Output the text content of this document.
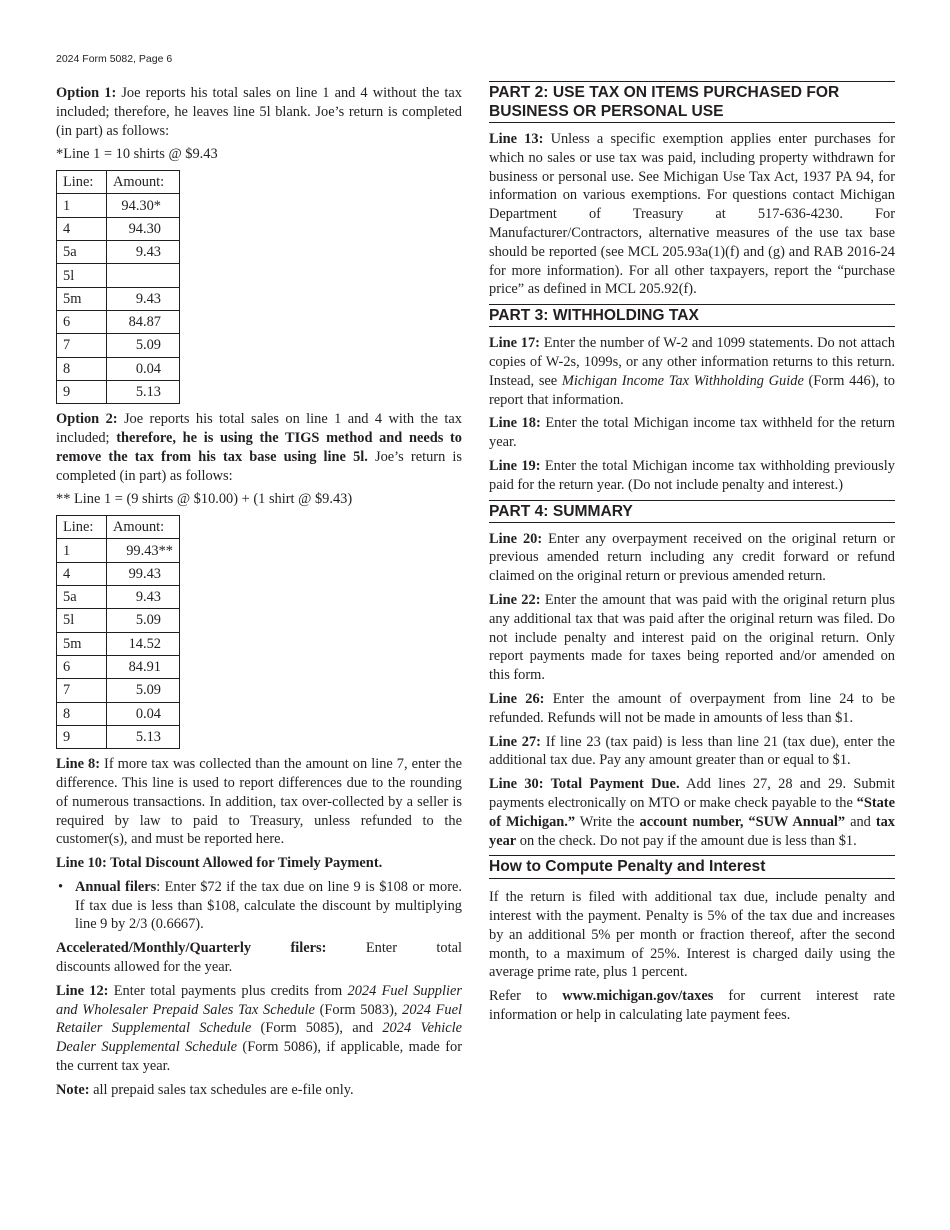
2024 Form 5082, Page 6

Option 1: Joe reports his total sales on line 1 and 4 without the tax included; therefore, he leaves line 5l blank. Joe’s return is completed (in part) as follows:

*Line 1 = 10 shirts @ $9.43
Line:	Amount:
1	94.30*
4	94.30
5a	9.43
5l	
5m	9.43
6	84.87
7	5.09
8	0.04
9	5.13

Option 2: Joe reports his total sales on line 1 and 4 with the tax included; therefore, he is using the TIGS method and needs to remove the tax from his tax base using line 5l. Joe’s return is completed (in part) as follows:

** Line 1 = (9 shirts @ $10.00) + (1 shirt @ $9.43)
Line:	Amount:
1	99.43**
4	99.43
5a	9.43
5l	5.09
5m	14.52
6	84.91
7	5.09
8	0.04
9	5.13

Line 8: If more tax was collected than the amount on line 7, enter the difference. This line is used to report differences due to the rounding of numerous transactions. In addition, tax over-collected by a seller is required by law to paid to Treasury, unless refunded to the customer(s), and must be reported here.

Line 10: Total Discount Allowed for Timely Payment.

• Annual filers: Enter $72 if the tax due on line 9 is $108 or more. If tax due is less than $108, calculate the discount by multiplying line 9 by 2/3 (0.6667).

Accelerated/Monthly/Quarterly	filers:	Enter	total
discounts allowed for the year.

Line 12: Enter total payments plus credits from 2024 Fuel Supplier and Wholesaler Prepaid Sales Tax Schedule (Form 5083), 2024 Fuel Retailer Supplemental Schedule (Form 5085), and 2024 Vehicle Dealer Supplemental Schedule (Form 5086), if applicable, made for the current tax year.

Note: all prepaid sales tax schedules are e-file only.

PART 2: USE TAX ON ITEMS PURCHASED FOR BUSINESS OR PERSONAL USE

Line 13: Unless a specific exemption applies enter purchases for which no sales or use tax was paid, including property withdrawn for business or personal use. See Michigan Use Tax Act, 1937 PA 94, for information on various exemptions. For questions contact Michigan Department of Treasury at 517-636-4230. For Manufacturer/Contractors, alternative measures of the use tax base should be reported (see MCL 205.93a(1)(f) and (g) and RAB 2016-24 for more information). For all other taxpayers, report the “purchase price” as defined in MCL 205.92(f).

PART 3: WITHHOLDING TAX

Line 17: Enter the number of W-2 and 1099 statements. Do not attach copies of W-2s, 1099s, or any other information returns to this return. Instead, see Michigan Income Tax Withholding Guide (Form 446), to report that information.

Line 18: Enter the total Michigan income tax withheld for the return year.

Line 19: Enter the total Michigan income tax withholding previously paid for the return year. (Do not include penalty and interest.)

PART 4: SUMMARY

Line 20: Enter any overpayment received on the original return or previous amended return including any credit forward or refund claimed on the original return or previous amended return.

Line 22: Enter the amount that was paid with the original return plus any additional tax that was paid after the original return was filed. Do not include penalty and interest paid on the original return. Only report payments made for taxes being reported and/or amended on this form.

Line 26: Enter the amount of overpayment from line 24 to be refunded. Refunds will not be made in amounts of less than $1.

Line 27: If line 23 (tax paid) is less than line 21 (tax due), enter the additional tax due. Pay any amount greater than or equal to $1.

Line 30: Total Payment Due. Add lines 27, 28 and 29. Submit payments electronically on MTO or make check payable to the “State of Michigan.” Write the account number, “SUW Annual” and tax year on the check. Do not pay if the amount due is less than $1.

How to Compute Penalty and Interest

If the return is filed with additional tax due, include penalty and interest with the payment. Penalty is 5% of the tax due and increases by an additional 5% per month or fraction thereof, after the second month, to a maximum of 25%. Interest is charged daily using the average prime rate, plus 1 percent.

Refer to www.michigan.gov/taxes for current interest rate information or help in calculating late payment fees.
